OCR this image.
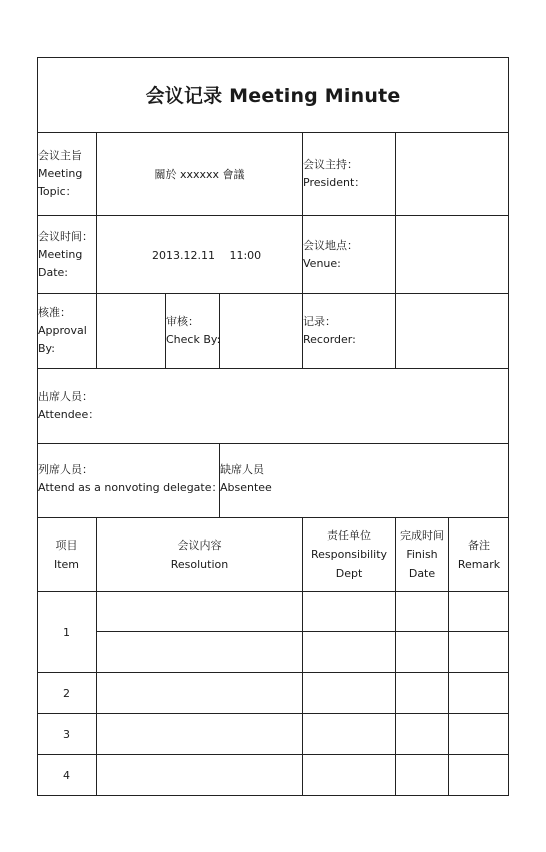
会议记录 Meeting Minute
会议主旨
Meeting
Topic：
關於 xxxxxx 會議
会议主持：
President：
会议时间：
Meeting
Date:
2013.12.11　 11:00
会议地点：
Venue:
核准：
Approval
By:
审核：
Check By:
记录：
Recorder:
出席人员：
Attendee：
列席人员：
Attend as a nonvoting delegate：
缺席人员
Absentee
项目
Item
会议内容
Resolution
责任单位
Responsibility
Dept
完成时间
Finish
Date
备注
Remark
1
2
3
4
